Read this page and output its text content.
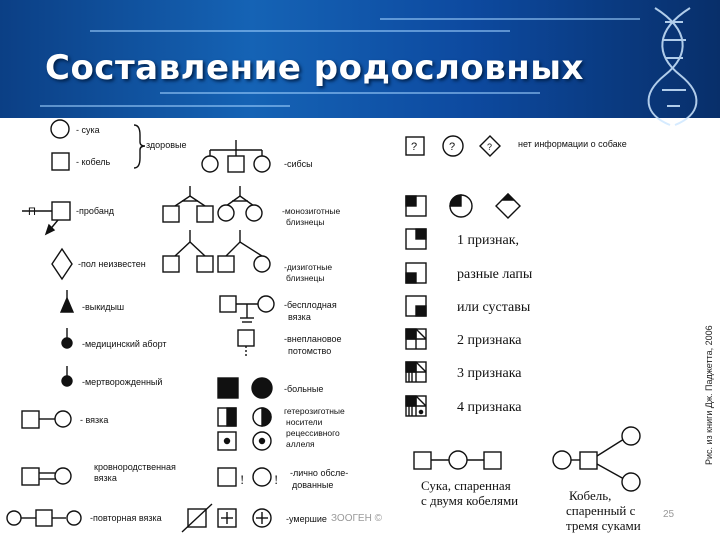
Составление родословных
- сука
- кобель
здоровые
П	-пробанд
-пол неизвестен
-выкидыш
-медицинский аборт
-мертворожденный
- вязка
кровнородственная
вязка
-повторная вязка
-сибсы
-монозиготные
близнецы
-дизиготные
близнецы
-бесплодная
вязка
-внеплановое
потомство
-больные
гетерозиготные
носители
рецессивного
аллеля
! ! -лично обсле-
дованные
-умершие ЗООГЕН ©
?	?	?	нет информации о собаке
1 признак,
разные лапы
или суставы
2 признака
3 признака
4 признака
Сука, спаренная
с двумя кобелями	Кобель,
спаренный с
тремя суками
25
Рис. из книги Дж. Пaджетта, 2006
